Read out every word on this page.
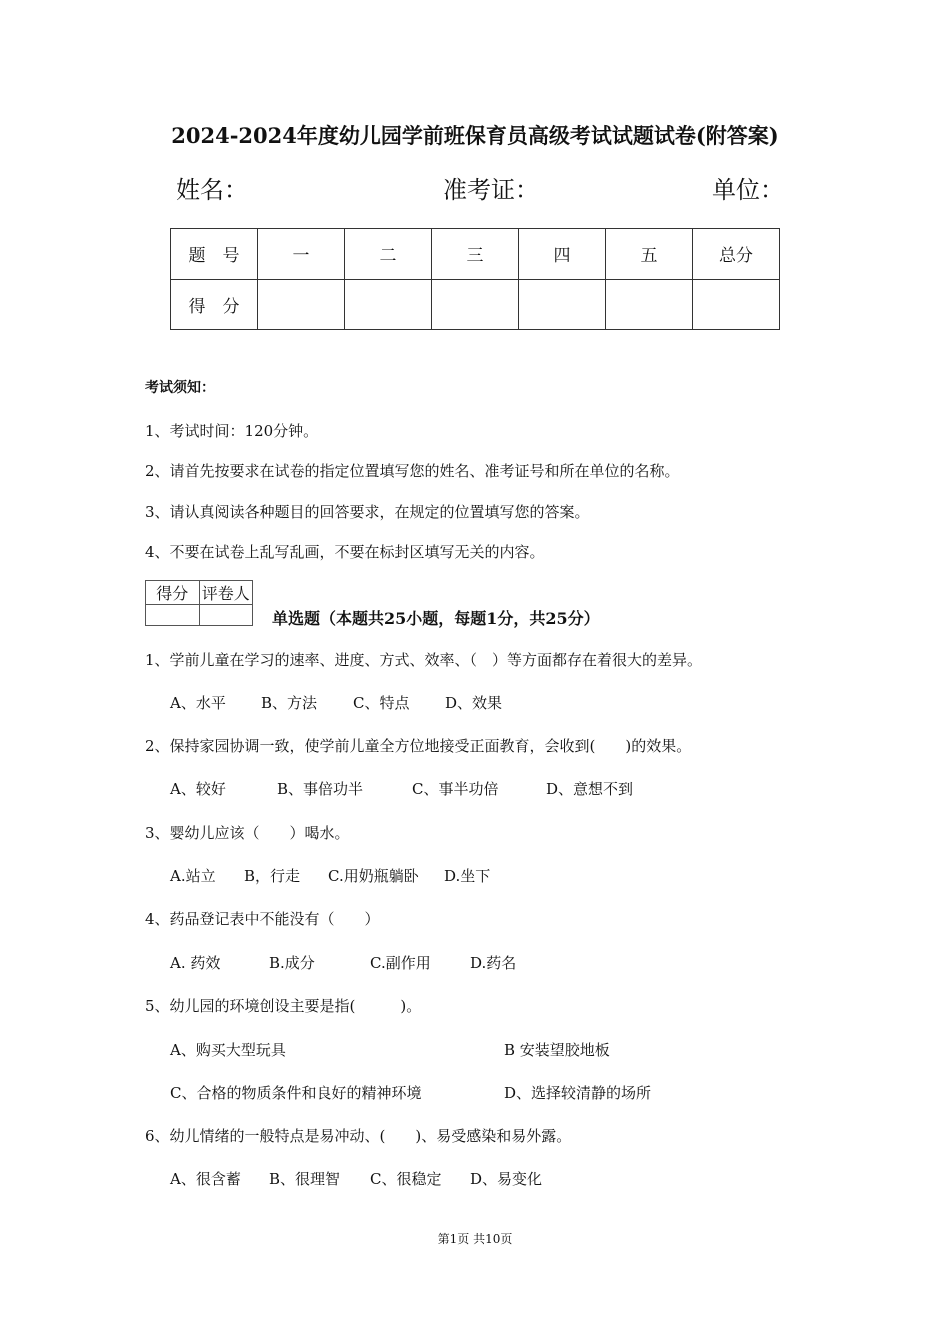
2024-2024年度幼儿园学前班保育员高级考试试题试卷(附答案)
姓名：	准考证：	单位：
题　号	一	二	三	四	五	总分
得　分						
考试须知：
1、考试时间：120分钟。
2、请首先按要求在试卷的指定位置填写您的姓名、准考证号和所在单位的名称。
3、请认真阅读各种题目的回答要求，在规定的位置填写您的答案。
4、不要在试卷上乱写乱画，不要在标封区填写无关的内容。
得分	评卷人

单选题（本题共25小题，每题1分，共25分）
1、学前儿童在学习的速率、进度、方式、效率、（　）等方面都存在着很大的差异。
A、水平 B、方法 C、特点 D、效果
2、保持家园协调一致，使学前儿童全方位地接受正面教育，会收到(　　)的效果。
A、较好	B、事倍功半	C、事半功倍	D、意想不到
3、婴幼儿应该（　　）喝水。
A.站立 B，行走 C.用奶瓶躺卧 D.坐下
4、药品登记表中不能没有（　　）
A. 药效	B.成分	C.副作用	D.药名
5、幼儿园的环境创设主要是指(　　　)。
A、购买大型玩具	B 安装望胶地板
C、合格的物质条件和良好的精神环境	D、选择较清静的场所
6、幼儿情绪的一般特点是易冲动、(　　)、易受感染和易外露。
A、很含蓄 B、很理智 C、很稳定 D、易变化
第1页 共10页
